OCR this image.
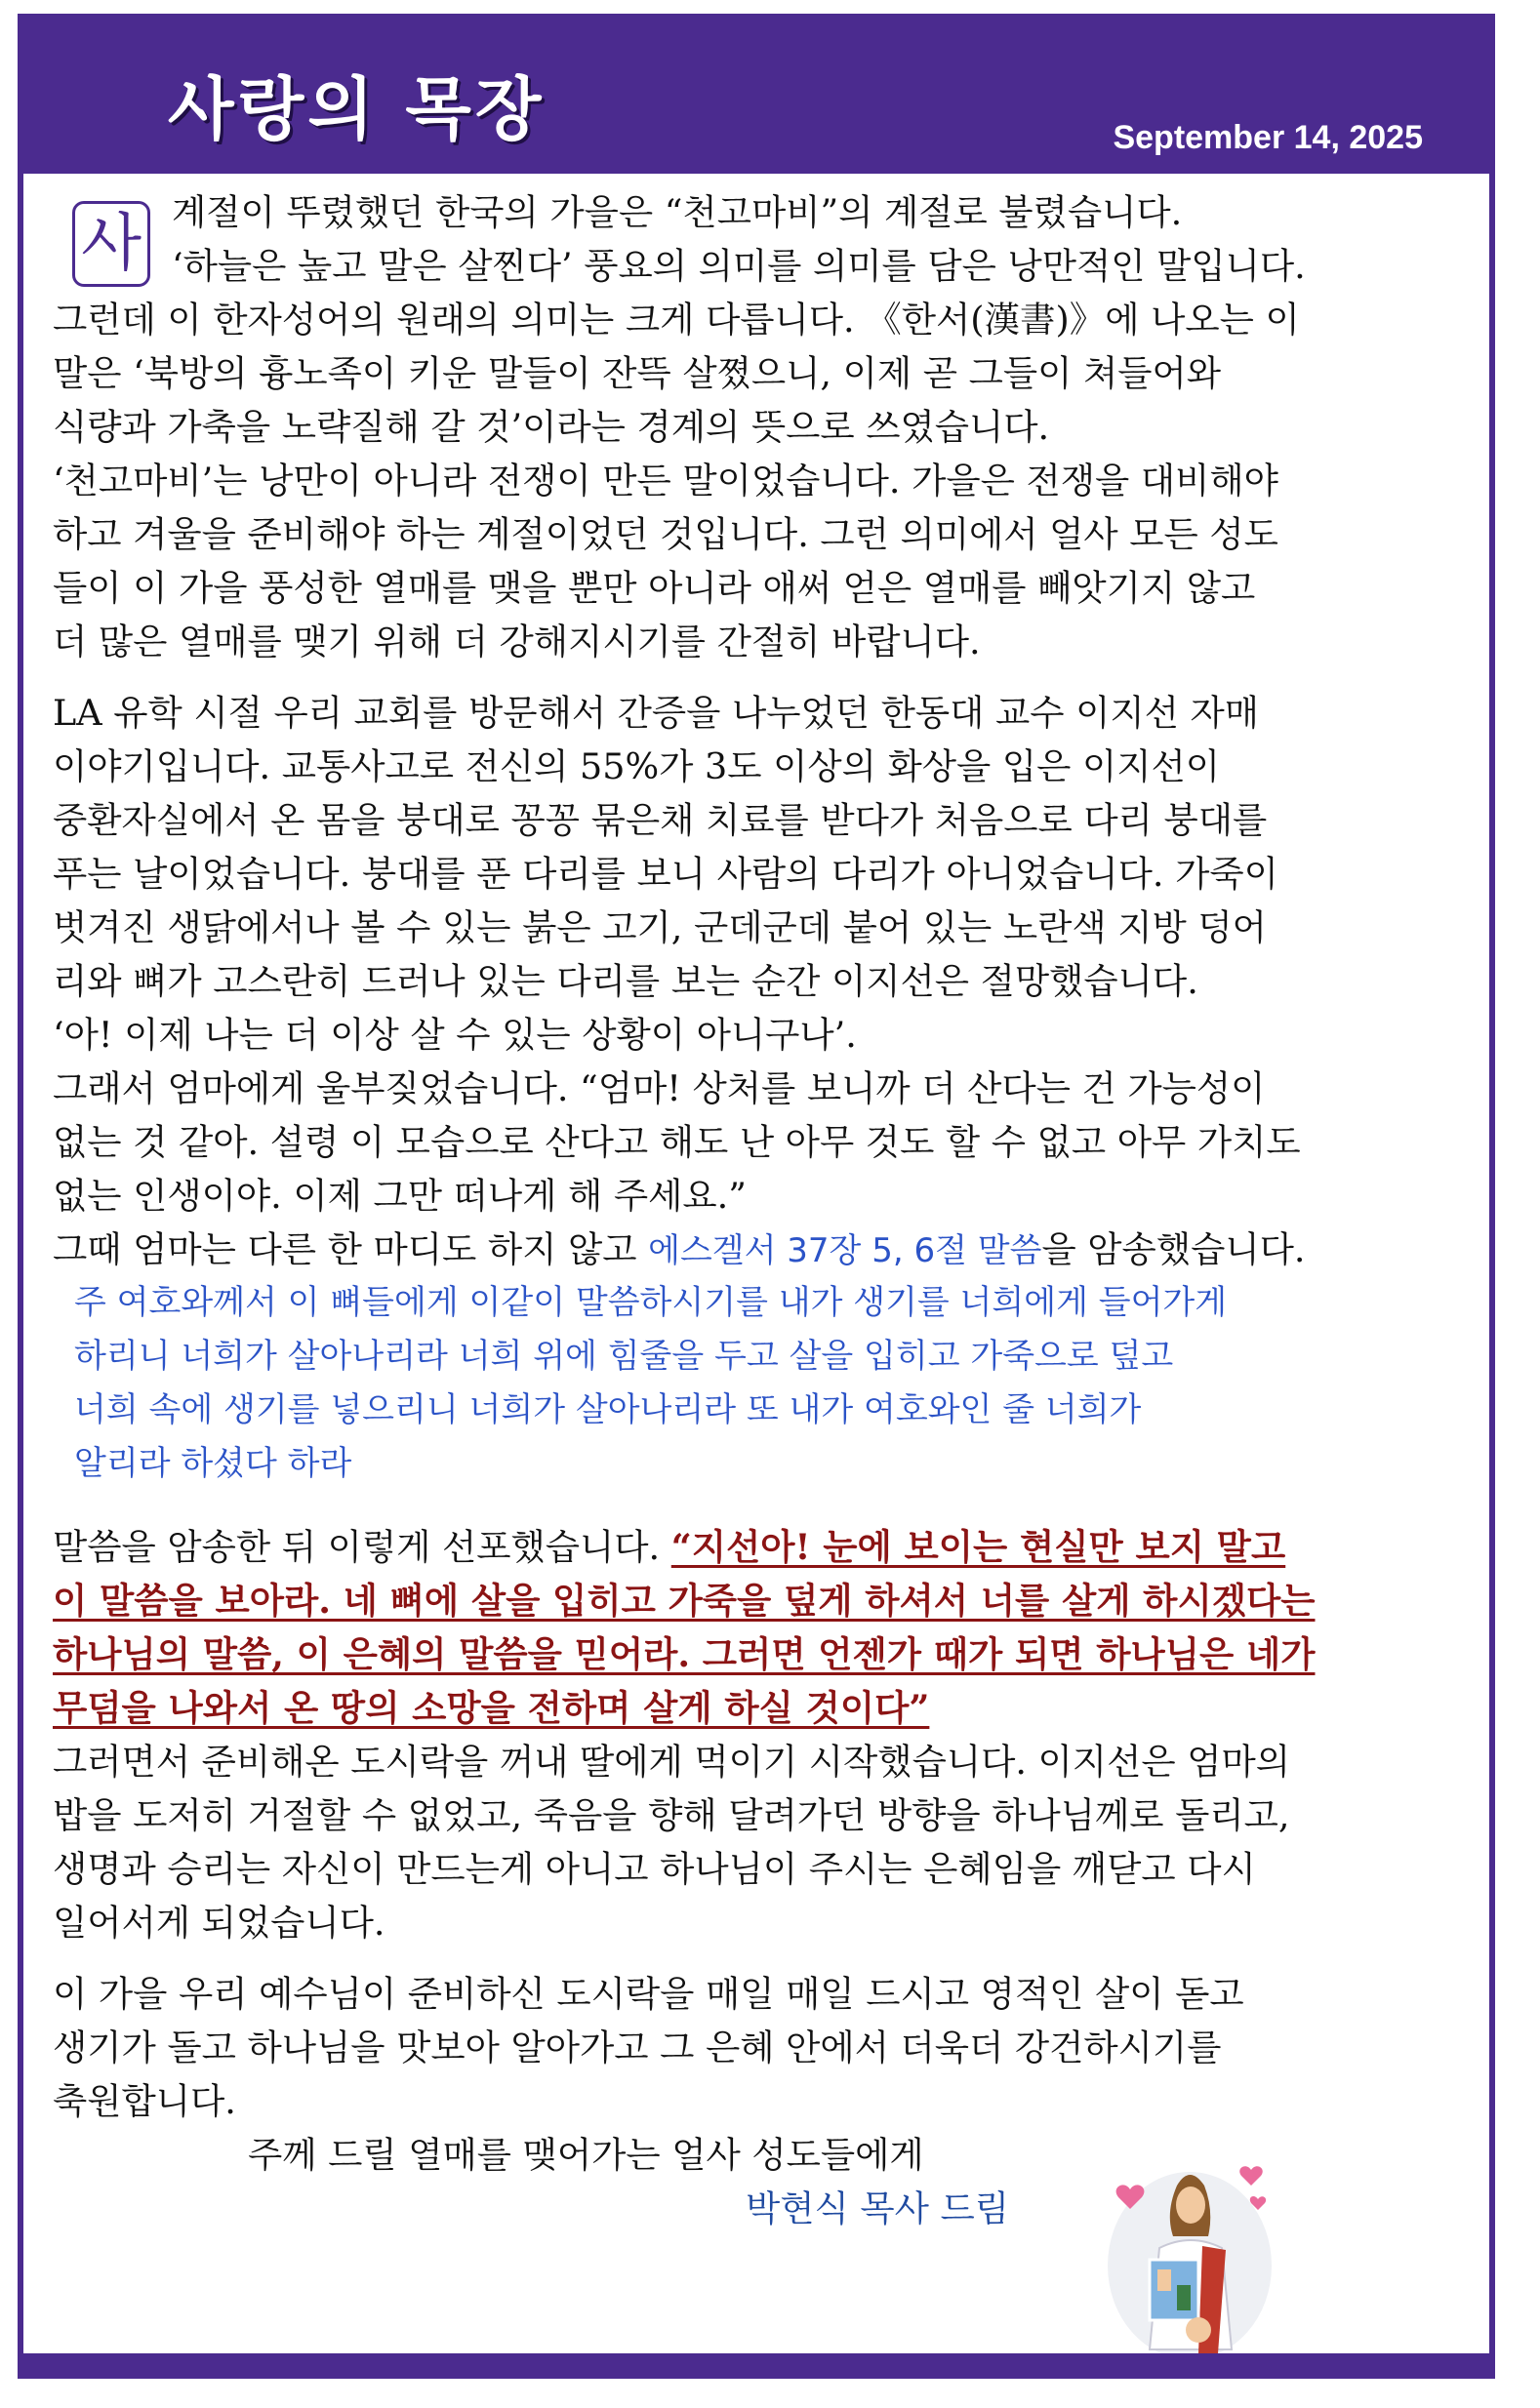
사랑의 목장	September 14, 2025
사 계절이 뚜렸했던 한국의 가을은 “천고마비”의 계절로 불렸습니다.
‘하늘은 높고 말은 살찐다’ 풍요의 의미를 의미를 담은 낭만적인 말입니다.
그런데 이 한자성어의 원래의 의미는 크게 다릅니다. 《한서(漢書)》에 나오는 이
말은 ‘북방의 흉노족이 키운 말들이 잔뜩 살쪘으니, 이제 곧 그들이 쳐들어와
식량과 가축을 노략질해 갈 것’이라는 경계의 뜻으로 쓰였습니다.
‘천고마비’는 낭만이 아니라 전쟁이 만든 말이었습니다. 가을은 전쟁을 대비해야
하고 겨울을 준비해야 하는 계절이었던 것입니다. 그런 의미에서 얼사 모든 성도
들이 이 가을 풍성한 열매를 맺을 뿐만 아니라 애써 얻은 열매를 빼앗기지 않고
더 많은 열매를 맺기 위해 더 강해지시기를 간절히 바랍니다.
LA 유학 시절 우리 교회를 방문해서 간증을 나누었던 한동대 교수 이지선 자매
이야기입니다. 교통사고로 전신의 55%가 3도 이상의 화상을 입은 이지선이
중환자실에서 온 몸을 붕대로 꽁꽁 묶은채 치료를 받다가 처음으로 다리 붕대를
푸는 날이었습니다. 붕대를 푼 다리를 보니 사람의 다리가 아니었습니다. 가죽이
벗겨진 생닭에서나 볼 수 있는 붉은 고기, 군데군데 붙어 있는 노란색 지방 덩어
리와 뼈가 고스란히 드러나 있는 다리를 보는 순간 이지선은 절망했습니다.
‘아! 이제 나는 더 이상 살 수 있는 상황이 아니구나’.
그래서 엄마에게 울부짖었습니다. “엄마! 상처를 보니까 더 산다는 건 가능성이
없는 것 같아. 설령 이 모습으로 산다고 해도 난 아무 것도 할 수 없고 아무 가치도
없는 인생이야. 이제 그만 떠나게 해 주세요.”
그때 엄마는 다른 한 마디도 하지 않고 에스겔서 37장 5, 6절 말씀을 암송했습니다.
주 여호와께서 이 뼈들에게 이같이 말씀하시기를 내가 생기를 너희에게 들어가게
하리니 너희가 살아나리라 너희 위에 힘줄을 두고 살을 입히고 가죽으로 덮고
너희 속에 생기를 넣으리니 너희가 살아나리라 또 내가 여호와인 줄 너희가
알리라 하셨다 하라
말씀을 암송한 뒤 이렇게 선포했습니다. “지선아! 눈에 보이는 현실만 보지 말고
이 말씀을 보아라. 네 뼈에 살을 입히고 가죽을 덮게 하셔서 너를 살게 하시겠다는
하나님의 말씀, 이 은혜의 말씀을 믿어라. 그러면 언젠가 때가 되면 하나님은 네가
무덤을 나와서 온 땅의 소망을 전하며 살게 하실 것이다”
그러면서 준비해온 도시락을 꺼내 딸에게 먹이기 시작했습니다. 이지선은 엄마의
밥을 도저히 거절할 수 없었고, 죽음을 향해 달려가던 방향을 하나님께로 돌리고,
생명과 승리는 자신이 만드는게 아니고 하나님이 주시는 은혜임을 깨닫고 다시
일어서게 되었습니다.
이 가을 우리 예수님이 준비하신 도시락을 매일 매일 드시고 영적인 살이 돋고
생기가 돌고 하나님을 맛보아 알아가고 그 은혜 안에서 더욱더 강건하시기를
축원합니다.
주께 드릴 열매를 맺어가는 얼사 성도들에게
박현식 목사 드림
